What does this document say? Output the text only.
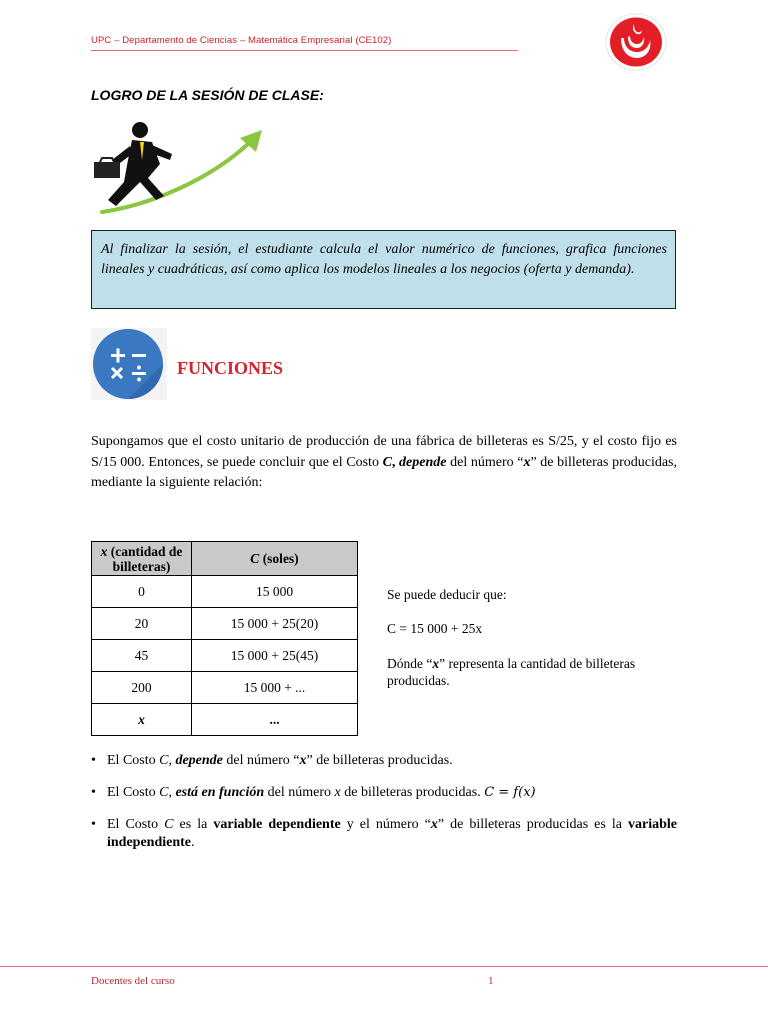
UPC – Departamento de Ciencias – Matemática Empresarial (CE102)
LOGRO DE LA SESIÓN DE CLASE:
Al finalizar la sesión, el estudiante calcula el valor numérico de funciones, grafica funciones lineales y cuadráticas, así como aplica los modelos lineales a los negocios (oferta y demanda).
FUNCIONES
Supongamos que el costo unitario de producción de una fábrica de billeteras es S/25, y el costo fijo es S/15 000. Entonces, se puede concluir que el Costo C, depende del número “x” de billeteras producidas, mediante la siguiente relación:
x (cantidad de billeteras)	C (soles)
0	15 000
20	15 000 + 25(20)
45	15 000 + 25(45)
200	15 000 + ...
x	...
Se puede deducir que:
C = 15 000 + 25x
Dónde “x” representa la cantidad de billeteras producidas.
• El Costo C, depende del número “x” de billeteras producidas.
• El Costo C, está en función del número x de billeteras producidas. C = f(x)
• El Costo C es la variable dependiente y el número “x” de billeteras producidas es la variable independiente.
Docentes del curso	1
